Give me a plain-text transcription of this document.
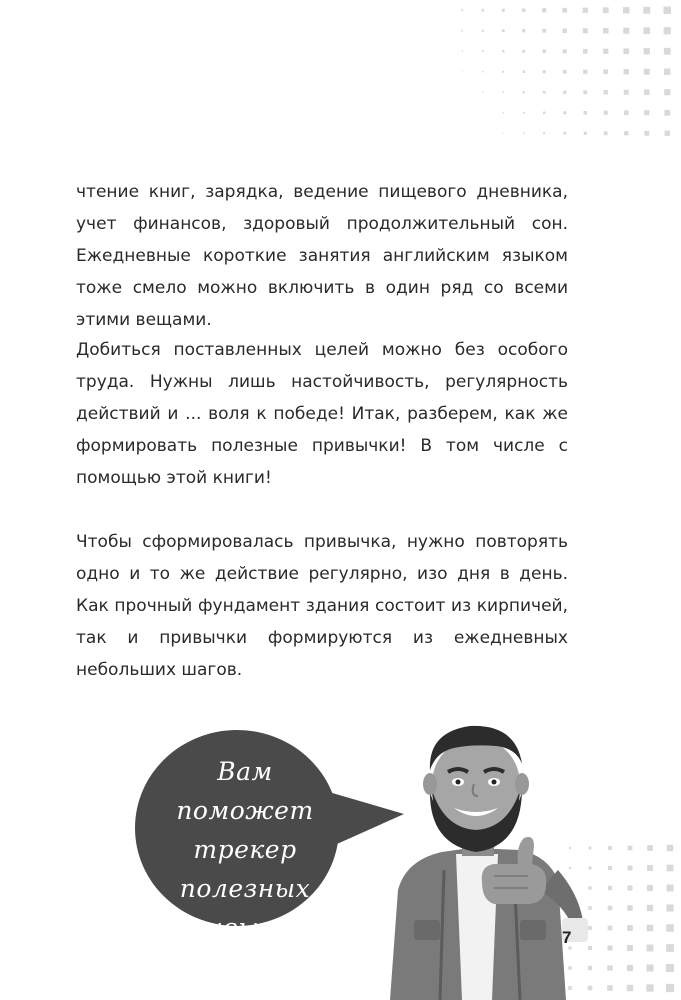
чтение книг, зарядка, ведение пищевого дневника, учет финансов, здоровый продолжительный сон. Ежедневные короткие занятия английским языком тоже смело можно включить в один ряд со всеми этими вещами.
Добиться поставленных целей можно без особого труда. Нужны лишь настойчивость, регулярность действий и ... воля к победе! Итак, разберем, как же формировать полезные привычки! В том числе с помощью этой книги!
Чтобы сформировалась привычка, нужно повторять одно и то же действие регулярно, изо дня в день. Как прочный фундамент здания состоит из кирпичей, так и привычки формируются из ежедневных небольших шагов.
Вам
поможет
трекер полезных
привычек!	7
